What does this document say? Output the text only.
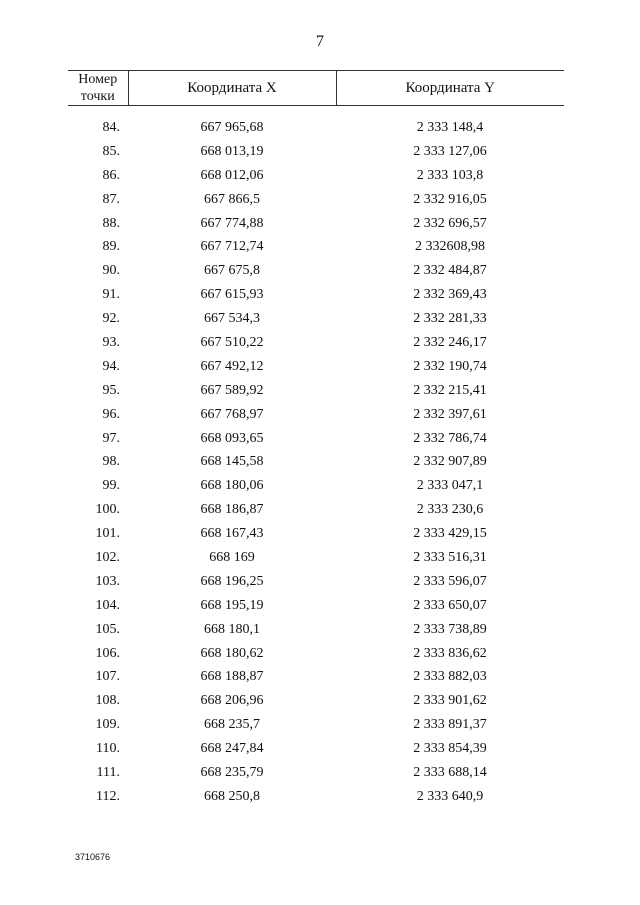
7
Номер
точки	Координата X	Координата Y

84.	667 965,68	2 333 148,4
85.	668 013,19	2 333 127,06
86.	668 012,06	2 333 103,8
87.	667 866,5	2 332 916,05
88.	667 774,88	2 332 696,57
89.	667 712,74	2 332608,98
90.	667 675,8	2 332 484,87
91.	667 615,93	2 332 369,43
92.	667 534,3	2 332 281,33
93.	667 510,22	2 332 246,17
94.	667 492,12	2 332 190,74
95.	667 589,92	2 332 215,41
96.	667 768,97	2 332 397,61
97.	668 093,65	2 332 786,74
98.	668 145,58	2 332 907,89
99.	668 180,06	2 333 047,1
100.	668 186,87	2 333 230,6
101.	668 167,43	2 333 429,15
102.	668 169	2 333 516,31
103.	668 196,25	2 333 596,07
104.	668 195,19	2 333 650,07
105.	668 180,1	2 333 738,89
106.	668 180,62	2 333 836,62
107.	668 188,87	2 333 882,03
108.	668 206,96	2 333 901,62
109.	668 235,7	2 333 891,37
110.	668 247,84	2 333 854,39
111.	668 235,79	2 333 688,14
112.	668 250,8	2 333 640,9
3710676
